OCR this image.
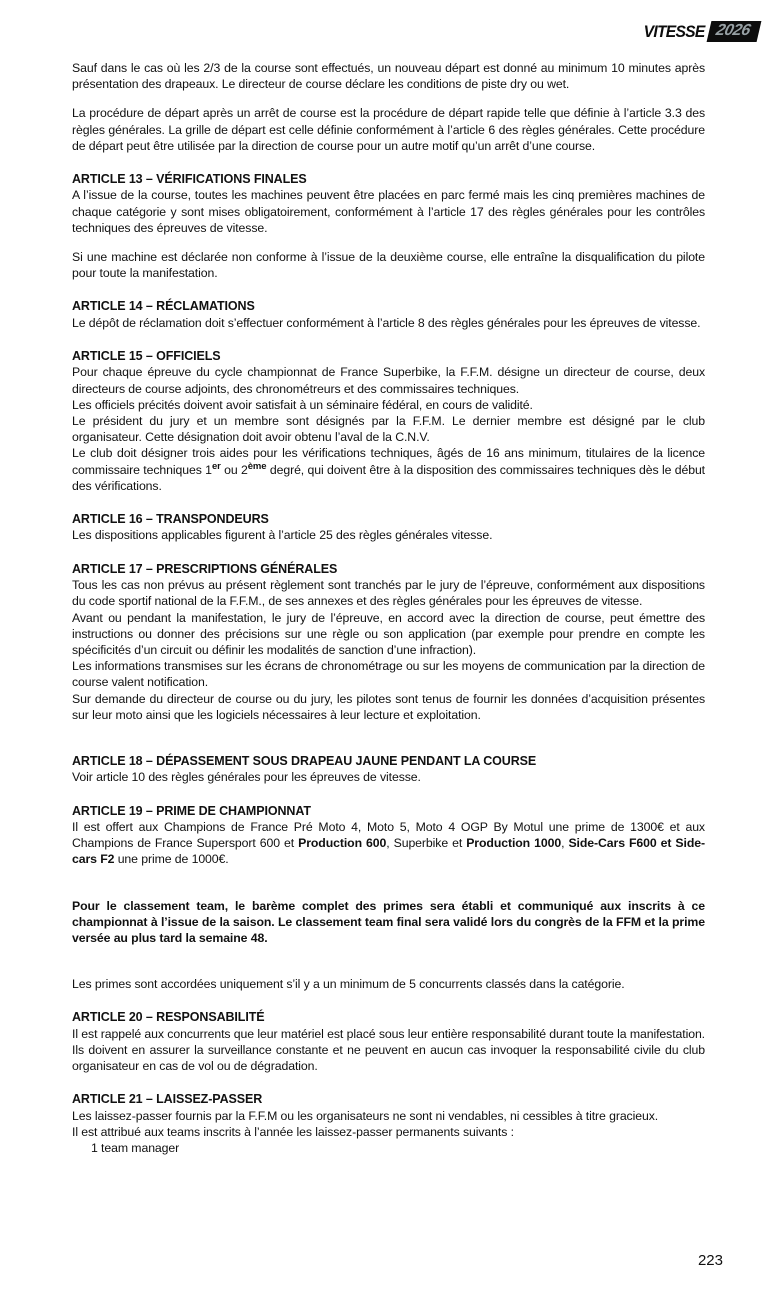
VITESSE 2026

Sauf dans le cas où les 2/3 de la course sont effectués, un nouveau départ est donné au minimum 10 minutes après présentation des drapeaux. Le directeur de course déclare les conditions de piste dry ou wet.

La procédure de départ après un arrêt de course est la procédure de départ rapide telle que définie à l’article 3.3 des règles générales. La grille de départ est celle définie conformément à l’article 6 des règles générales. Cette procédure de départ peut être utilisée par la direction de course pour un autre motif qu’un arrêt d’une course.

ARTICLE 13 – VÉRIFICATIONS FINALES

A l’issue de la course, toutes les machines peuvent être placées en parc fermé mais les cinq premières machines de chaque catégorie y sont mises obligatoirement, conformément à l’article 17 des règles générales pour les contrôles techniques des épreuves de vitesse.

Si une machine est déclarée non conforme à l’issue de la deuxième course, elle entraîne la disqualification du pilote pour toute la manifestation.

ARTICLE 14 – RÉCLAMATIONS

Le dépôt de réclamation doit s’effectuer conformément à l’article 8 des règles générales pour les épreuves de vitesse.

ARTICLE 15 – OFFICIELS

Pour chaque épreuve du cycle championnat de France Superbike, la F.F.M. désigne un directeur de course, deux directeurs de course adjoints, des chronométreurs et des commissaires techniques.

Les officiels précités doivent avoir satisfait à un séminaire fédéral, en cours de validité.

Le président du jury et un membre sont désignés par la F.F.M. Le dernier membre est désigné par le club organisateur. Cette désignation doit avoir obtenu l’aval de la C.N.V.

Le club doit désigner trois aides pour les vérifications techniques, âgés de 16 ans minimum, titulaires de la licence commissaire techniques 1er ou 2ème degré, qui doivent être à la disposition des commissaires techniques dès le début des vérifications.

ARTICLE 16 – TRANSPONDEURS

Les dispositions applicables figurent à l’article 25 des règles générales vitesse.

ARTICLE 17 – PRESCRIPTIONS GÉNÉRALES

Tous les cas non prévus au présent règlement sont tranchés par le jury de l’épreuve, conformément aux dispositions du code sportif national de la F.F.M., de ses annexes et des règles générales pour les épreuves de vitesse.

Avant ou pendant la manifestation, le jury de l’épreuve, en accord avec la direction de course, peut émettre des instructions ou donner des précisions sur une règle ou son application (par exemple pour prendre en compte les spécificités d’un circuit ou définir les modalités de sanction d’une infraction).

Les informations transmises sur les écrans de chronométrage ou sur les moyens de communication par la direction de course valent notification.

Sur demande du directeur de course ou du jury, les pilotes sont tenus de fournir les données d’acquisition présentes sur leur moto ainsi que les logiciels nécessaires à leur lecture et exploitation.

ARTICLE 18 – DÉPASSEMENT SOUS DRAPEAU JAUNE PENDANT LA COURSE

Voir article 10 des règles générales pour les épreuves de vitesse.

ARTICLE 19 – PRIME DE CHAMPIONNAT

Il est offert aux Champions de France Pré Moto 4, Moto 5, Moto 4 OGP By Motul une prime de 1300€ et aux Champions de France Supersport 600 et Production 600, Superbike et Production 1000, Side-Cars F600 et Side-cars F2 une prime de 1000€.

Pour le classement team, le barème complet des primes sera établi et communiqué aux inscrits à ce championnat à l’issue de la saison. Le classement team final sera validé lors du congrès de la FFM et la prime versée au plus tard la semaine 48.

Les primes sont accordées uniquement s’il y a un minimum de 5 concurrents classés dans la catégorie.

ARTICLE 20 – RESPONSABILITÉ

Il est rappelé aux concurrents que leur matériel est placé sous leur entière responsabilité durant toute la manifestation. Ils doivent en assurer la surveillance constante et ne peuvent en aucun cas invoquer la responsabilité civile du club organisateur en cas de vol ou de dégradation.

ARTICLE 21 – LAISSEZ-PASSER

Les laissez-passer fournis par la F.F.M ou les organisateurs ne sont ni vendables, ni cessibles à titre gracieux.

Il est attribué aux teams inscrits à l’année les laissez-passer permanents suivants :

1 team manager

223
